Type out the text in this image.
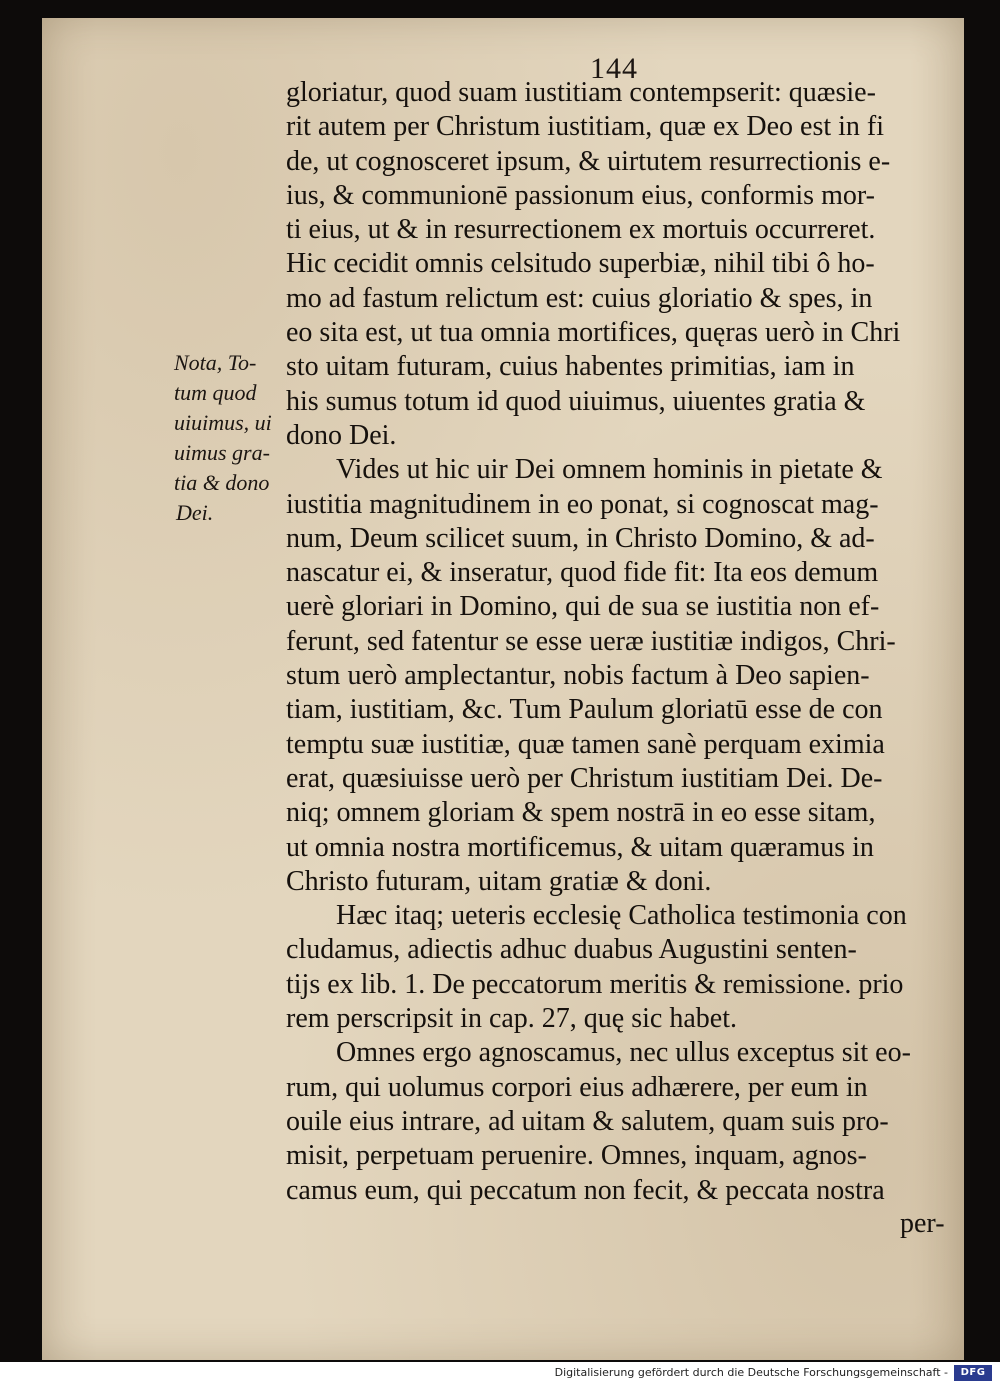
144
Nota, To-
tum quod
uiuimus, ui
uimus gra-
tia & dono
Dei.
gloriatur, quod suam iustitiam contempserit: quæsie-
rit autem per Christum iustitiam, quæ ex Deo est in fi
de, ut cognosceret ipsum, & uirtutem resurrectionis e-
ius, & communionē passionum eius, conformis mor-
ti eius, ut & in resurrectionem ex mortuis occurreret.
Hic cecidit omnis celsitudo superbiæ, nihil tibi ô ho-
mo ad fastum relictum est: cuius gloriatio & spes, in
eo sita est, ut tua omnia mortifices, quęras uerò in Chri
sto uitam futuram, cuius habentes primitias, iam in
his sumus totum id quod uiuimus, uiuentes gratia &
dono Dei.
Vides ut hic uir Dei omnem hominis in pietate &
iustitia magnitudinem in eo ponat, si cognoscat mag-
num, Deum scilicet suum, in Christo Domino, & ad-
nascatur ei, & inseratur, quod fide fit: Ita eos demum
uerè gloriari in Domino, qui de sua se iustitia non ef-
ferunt, sed fatentur se esse ueræ iustitiæ indigos, Chri-
stum uerò amplectantur, nobis factum à Deo sapien-
tiam, iustitiam, &c. Tum Paulum gloriatū esse de con
temptu suæ iustitiæ, quæ tamen sanè perquam eximia
erat, quæsiuisse uerò per Christum iustitiam Dei. De-
niq; omnem gloriam & spem nostrā in eo esse sitam,
ut omnia nostra mortificemus, & uitam quæramus in
Christo futuram, uitam gratiæ & doni.
Hæc itaq; ueteris ecclesię Catholica testimonia con
cludamus, adiectis adhuc duabus Augustini senten-
tijs ex lib. 1. De peccatorum meritis & remissione. prio
rem perscripsit in cap. 27, quę sic habet.
Omnes ergo agnoscamus, nec ullus exceptus sit eo-
rum, qui uolumus corpori eius adhærere, per eum in
ouile eius intrare, ad uitam & salutem, quam suis pro-
misit, perpetuam peruenire. Omnes, inquam, agnos-
camus eum, qui peccatum non fecit, & peccata nostra
per-
Digitalisierung gefördert durch die Deutsche Forschungsgemeinschaft -	DFG
